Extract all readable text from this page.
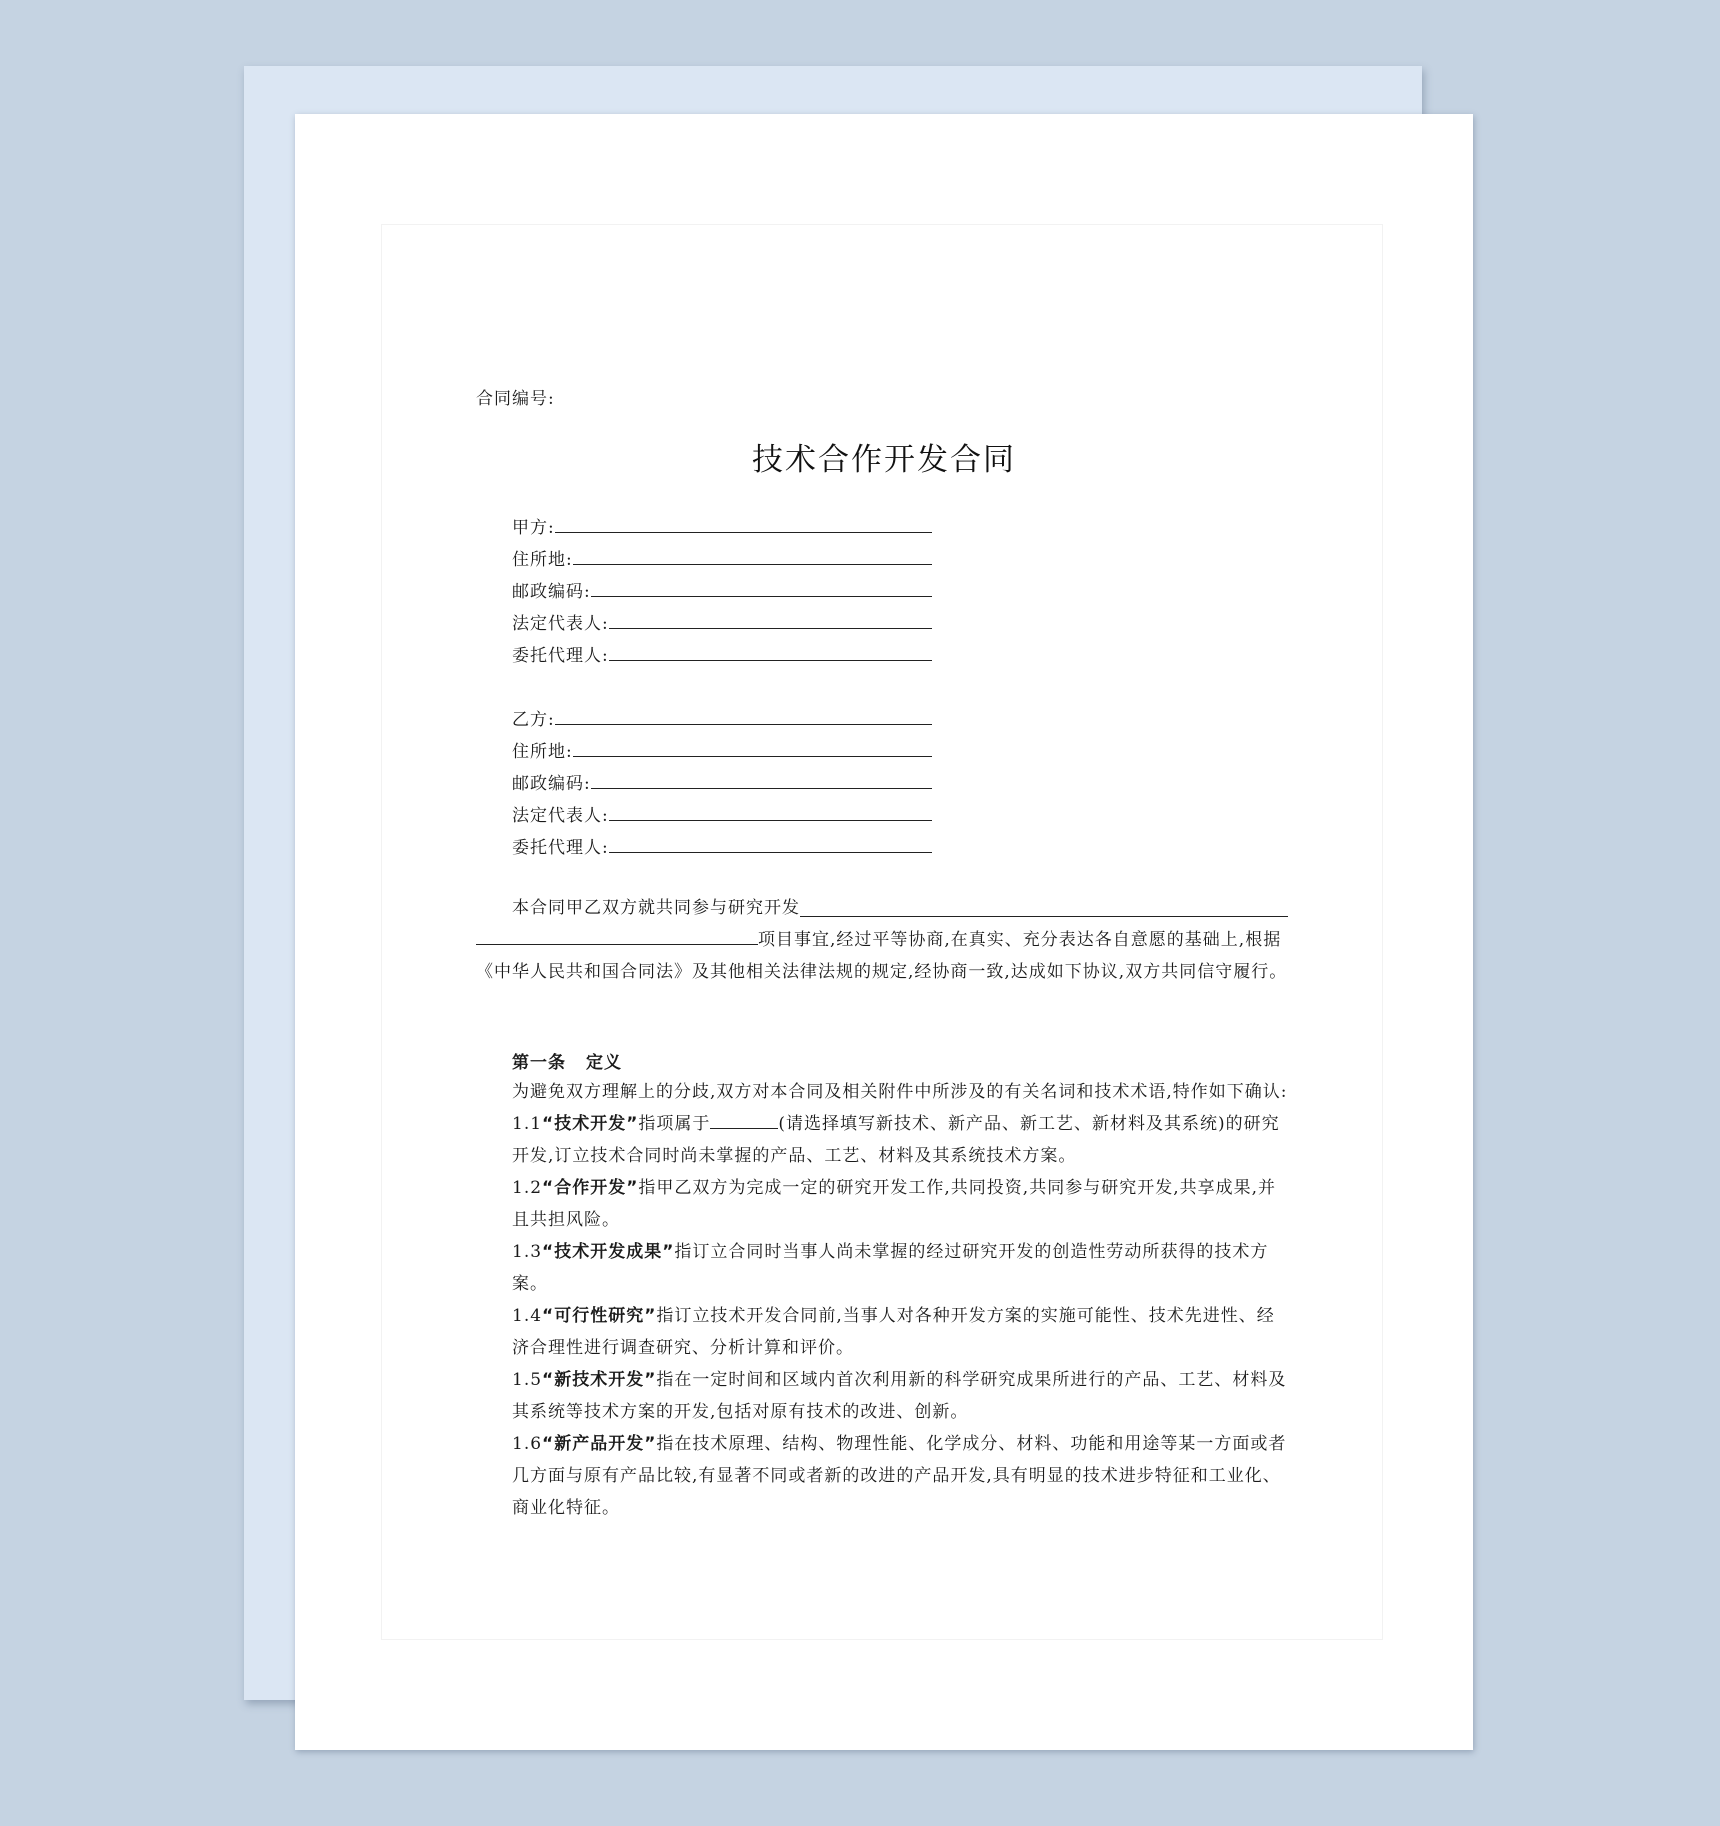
合同编号:
技术合作开发合同
甲方:
住所地:
邮政编码:
法定代表人:
委托代理人:
乙方:
住所地:
邮政编码:
法定代表人:
委托代理人:
本合同甲乙双方就共同参与研究开发
项目事宜,经过平等协商,在真实、充分表达各自意愿的基础上,根据《中华人民共和国合同法》及其他相关法律法规的规定,经协商一致,达成如下协议,双方共同信守履行。
第一条 定义
为避免双方理解上的分歧,双方对本合同及相关附件中所涉及的有关名词和技术术语,特作如下确认:
1.1“技术开发”指项属于	(请选择填写新技术、新产品、新工艺、新材料及其系统)的研究开发,订立技术合同时尚未掌握的产品、工艺、材料及其系统技术方案。
1.2“合作开发”指甲乙双方为完成一定的研究开发工作,共同投资,共同参与研究开发,共享成果,并且共担风险。
1.3“技术开发成果”指订立合同时当事人尚未掌握的经过研究开发的创造性劳动所获得的技术方案。
1.4“可行性研究”指订立技术开发合同前,当事人对各种开发方案的实施可能性、技术先进性、经济合理性进行调查研究、分析计算和评价。
1.5“新技术开发”指在一定时间和区域内首次利用新的科学研究成果所进行的产品、工艺、材料及其系统等技术方案的开发,包括对原有技术的改进、创新。
1.6“新产品开发”指在技术原理、结构、物理性能、化学成分、材料、功能和用途等某一方面或者几方面与原有产品比较,有显著不同或者新的改进的产品开发,具有明显的技术进步特征和工业化、商业化特征。
